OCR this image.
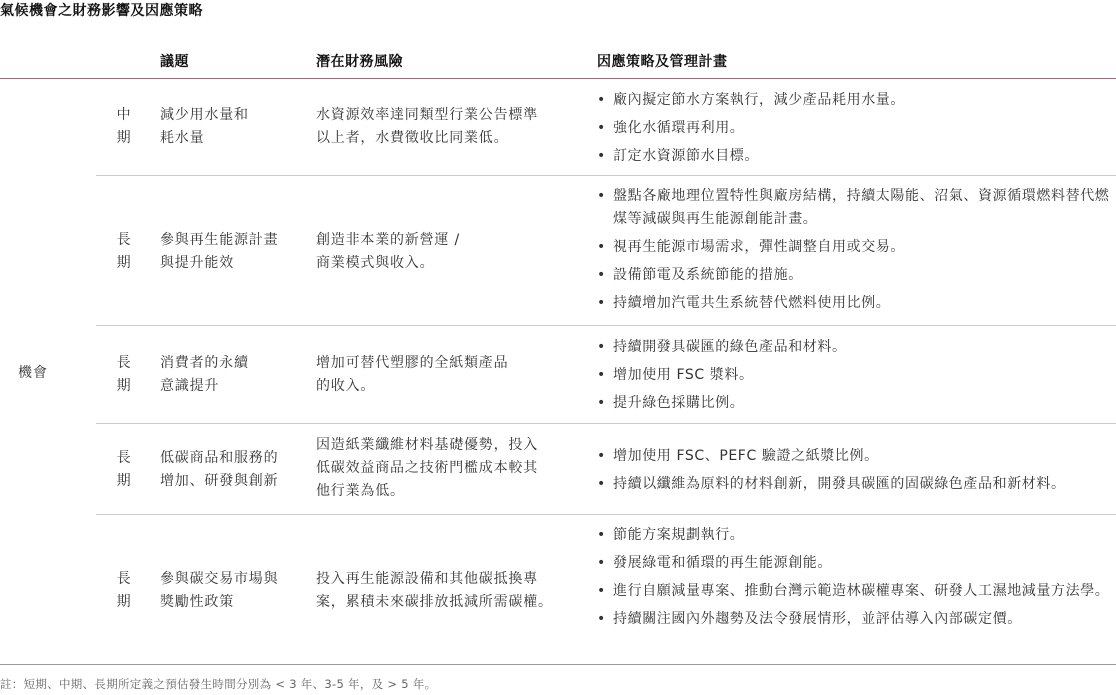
氣候機會之財務影響及因應策略
議題	潛在財務風險	因應策略及管理計畫
機會
中
期
減少用水量和
耗水量
水資源效率達同類型行業公告標準
以上者，水費徵收比同業低。
• 廠內擬定節水方案執行，減少產品耗用水量。
• 強化水循環再利用。
• 訂定水資源節水目標。
長
期
參與再生能源計畫
與提升能效
創造非本業的新營運 /
商業模式與收入。
• 盤點各廠地理位置特性與廠房結構，持續太陽能、沼氣、資源循環燃料替代燃煤等減碳與再生能源創能計畫。
• 視再生能源市場需求，彈性調整自用或交易。
• 設備節電及系統節能的措施。
• 持續增加汽電共生系統替代燃料使用比例。
長
期
消費者的永續
意識提升
增加可替代塑膠的全紙類產品
的收入。
• 持續開發具碳匯的綠色產品和材料。
• 增加使用 FSC 漿料。
• 提升綠色採購比例。
長
期
低碳商品和服務的
增加、研發與創新
因造紙業纖維材料基礎優勢，投入
低碳效益商品之技術門檻成本較其
他行業為低。
• 增加使用 FSC、PEFC 驗證之紙漿比例。
• 持續以纖維為原料的材料創新，開發具碳匯的固碳綠色產品和新材料。
長
期
參與碳交易市場與
獎勵性政策
投入再生能源設備和其他碳抵換專
案，累積未來碳排放抵減所需碳權。
• 節能方案規劃執行。
• 發展綠電和循環的再生能源創能。
• 進行自願減量專案、推動台灣示範造林碳權專案、研發人工濕地減量方法學。
• 持續關注國內外趨勢及法令發展情形，並評估導入內部碳定價。
註：短期、中期、長期所定義之預估發生時間分別為 < 3 年、3-5 年，及 > 5 年。
